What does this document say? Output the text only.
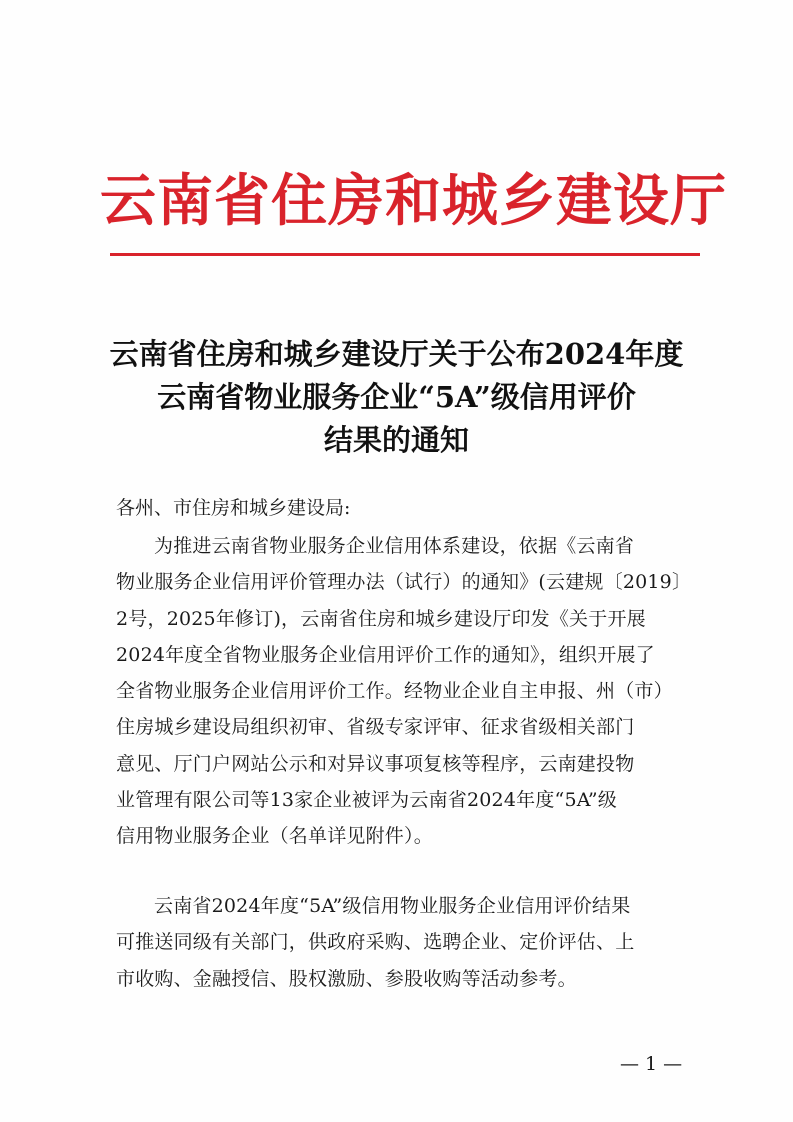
云南省住房和城乡建设厅
云南省住房和城乡建设厅关于公布2024年度
云南省物业服务企业“5A”级信用评价
结果的通知
各州、市住房和城乡建设局:
为推进云南省物业服务企业信用体系建设，依据《云南省
物业服务企业信用评价管理办法（试行）的通知》(云建规〔2019〕
2号，2025年修订)，云南省住房和城乡建设厅印发《关于开展
2024年度全省物业服务企业信用评价工作的通知》，组织开展了
全省物业服务企业信用评价工作。经物业企业自主申报、州（市）
住房城乡建设局组织初审、省级专家评审、征求省级相关部门
意见、厅门户网站公示和对异议事项复核等程序，云南建投物
业管理有限公司等13家企业被评为云南省2024年度“5A”级
信用物业服务企业（名单详见附件）。
云南省2024年度“5A”级信用物业服务企业信用评价结果
可推送同级有关部门，供政府采购、选聘企业、定价评估、上
市收购、金融授信、股权激励、参股收购等活动参考。
— 1 —
